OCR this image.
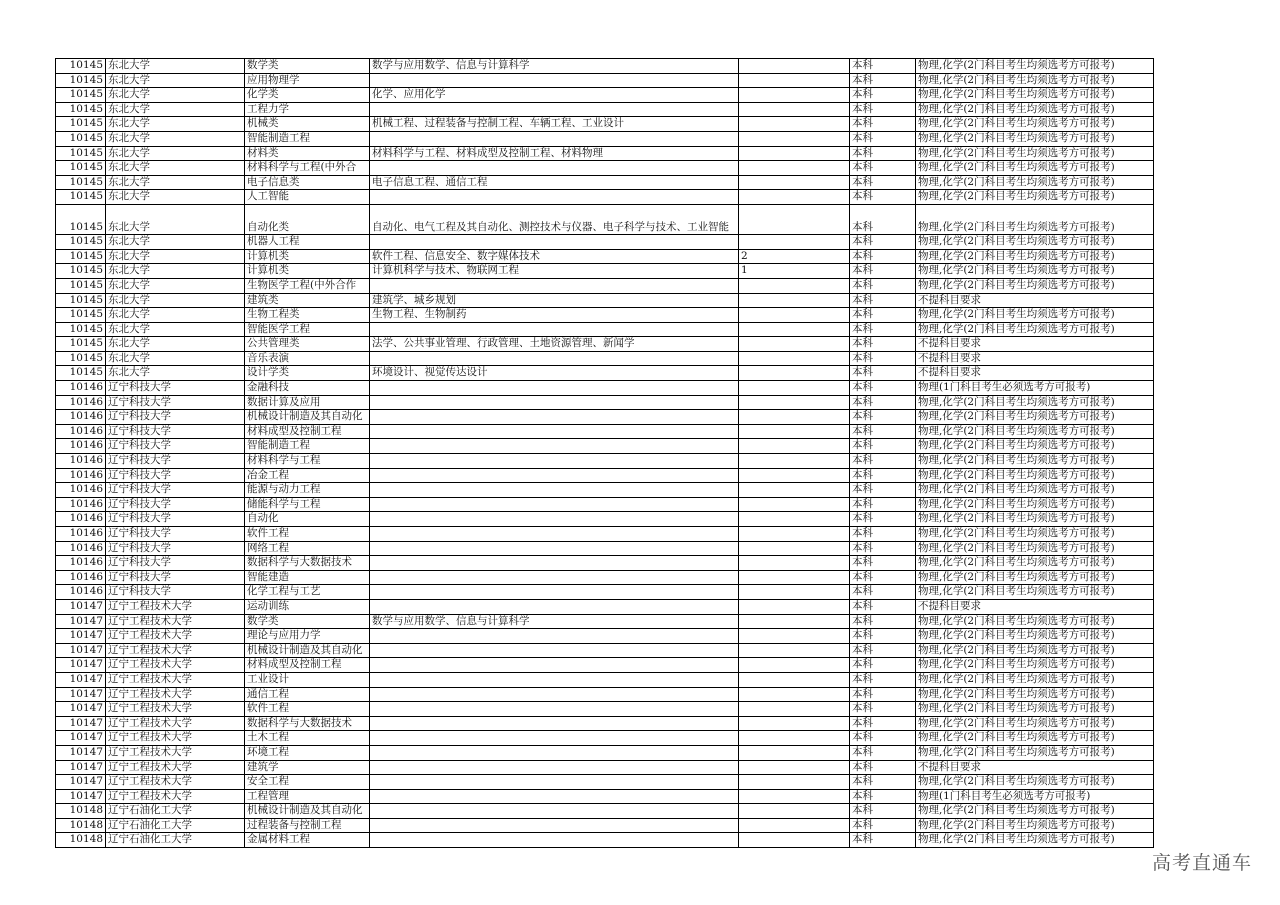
10145	东北大学	数学类	数学与应用数学、信息与计算科学		本科	物理,化学(2门科目考生均须选考方可报考)
10145	东北大学	应用物理学			本科	物理,化学(2门科目考生均须选考方可报考)
10145	东北大学	化学类	化学、应用化学		本科	物理,化学(2门科目考生均须选考方可报考)
10145	东北大学	工程力学			本科	物理,化学(2门科目考生均须选考方可报考)
10145	东北大学	机械类	机械工程、过程装备与控制工程、车辆工程、工业设计		本科	物理,化学(2门科目考生均须选考方可报考)
10145	东北大学	智能制造工程			本科	物理,化学(2门科目考生均须选考方可报考)
10145	东北大学	材料类	材料科学与工程、材料成型及控制工程、材料物理		本科	物理,化学(2门科目考生均须选考方可报考)
10145	东北大学	材料科学与工程(中外合			本科	物理,化学(2门科目考生均须选考方可报考)
10145	东北大学	电子信息类	电子信息工程、通信工程		本科	物理,化学(2门科目考生均须选考方可报考)
10145	东北大学	人工智能			本科	物理,化学(2门科目考生均须选考方可报考)
10145	东北大学	自动化类	自动化、电气工程及其自动化、测控技术与仪器、电子科学与技术、工业智能		本科	物理,化学(2门科目考生均须选考方可报考)
10145	东北大学	机器人工程			本科	物理,化学(2门科目考生均须选考方可报考)
10145	东北大学	计算机类	软件工程、信息安全、数字媒体技术	2	本科	物理,化学(2门科目考生均须选考方可报考)
10145	东北大学	计算机类	计算机科学与技术、物联网工程	1	本科	物理,化学(2门科目考生均须选考方可报考)
10145	东北大学	生物医学工程(中外合作			本科	物理,化学(2门科目考生均须选考方可报考)
10145	东北大学	建筑类	建筑学、城乡规划		本科	不提科目要求
10145	东北大学	生物工程类	生物工程、生物制药		本科	物理,化学(2门科目考生均须选考方可报考)
10145	东北大学	智能医学工程			本科	物理,化学(2门科目考生均须选考方可报考)
10145	东北大学	公共管理类	法学、公共事业管理、行政管理、土地资源管理、新闻学		本科	不提科目要求
10145	东北大学	音乐表演			本科	不提科目要求
10145	东北大学	设计学类	环境设计、视觉传达设计		本科	不提科目要求
10146	辽宁科技大学	金融科技			本科	物理(1门科目考生必须选考方可报考)
10146	辽宁科技大学	数据计算及应用			本科	物理,化学(2门科目考生均须选考方可报考)
10146	辽宁科技大学	机械设计制造及其自动化			本科	物理,化学(2门科目考生均须选考方可报考)
10146	辽宁科技大学	材料成型及控制工程			本科	物理,化学(2门科目考生均须选考方可报考)
10146	辽宁科技大学	智能制造工程			本科	物理,化学(2门科目考生均须选考方可报考)
10146	辽宁科技大学	材料科学与工程			本科	物理,化学(2门科目考生均须选考方可报考)
10146	辽宁科技大学	冶金工程			本科	物理,化学(2门科目考生均须选考方可报考)
10146	辽宁科技大学	能源与动力工程			本科	物理,化学(2门科目考生均须选考方可报考)
10146	辽宁科技大学	储能科学与工程			本科	物理,化学(2门科目考生均须选考方可报考)
10146	辽宁科技大学	自动化			本科	物理,化学(2门科目考生均须选考方可报考)
10146	辽宁科技大学	软件工程			本科	物理,化学(2门科目考生均须选考方可报考)
10146	辽宁科技大学	网络工程			本科	物理,化学(2门科目考生均须选考方可报考)
10146	辽宁科技大学	数据科学与大数据技术			本科	物理,化学(2门科目考生均须选考方可报考)
10146	辽宁科技大学	智能建造			本科	物理,化学(2门科目考生均须选考方可报考)
10146	辽宁科技大学	化学工程与工艺			本科	物理,化学(2门科目考生均须选考方可报考)
10147	辽宁工程技术大学	运动训练			本科	不提科目要求
10147	辽宁工程技术大学	数学类	数学与应用数学、信息与计算科学		本科	物理,化学(2门科目考生均须选考方可报考)
10147	辽宁工程技术大学	理论与应用力学			本科	物理,化学(2门科目考生均须选考方可报考)
10147	辽宁工程技术大学	机械设计制造及其自动化			本科	物理,化学(2门科目考生均须选考方可报考)
10147	辽宁工程技术大学	材料成型及控制工程			本科	物理,化学(2门科目考生均须选考方可报考)
10147	辽宁工程技术大学	工业设计			本科	物理,化学(2门科目考生均须选考方可报考)
10147	辽宁工程技术大学	通信工程			本科	物理,化学(2门科目考生均须选考方可报考)
10147	辽宁工程技术大学	软件工程			本科	物理,化学(2门科目考生均须选考方可报考)
10147	辽宁工程技术大学	数据科学与大数据技术			本科	物理,化学(2门科目考生均须选考方可报考)
10147	辽宁工程技术大学	土木工程			本科	物理,化学(2门科目考生均须选考方可报考)
10147	辽宁工程技术大学	环境工程			本科	物理,化学(2门科目考生均须选考方可报考)
10147	辽宁工程技术大学	建筑学			本科	不提科目要求
10147	辽宁工程技术大学	安全工程			本科	物理,化学(2门科目考生均须选考方可报考)
10147	辽宁工程技术大学	工程管理			本科	物理(1门科目考生必须选考方可报考)
10148	辽宁石油化工大学	机械设计制造及其自动化			本科	物理,化学(2门科目考生均须选考方可报考)
10148	辽宁石油化工大学	过程装备与控制工程			本科	物理,化学(2门科目考生均须选考方可报考)
10148	辽宁石油化工大学	金属材料工程			本科	物理,化学(2门科目考生均须选考方可报考)
高考直通车
